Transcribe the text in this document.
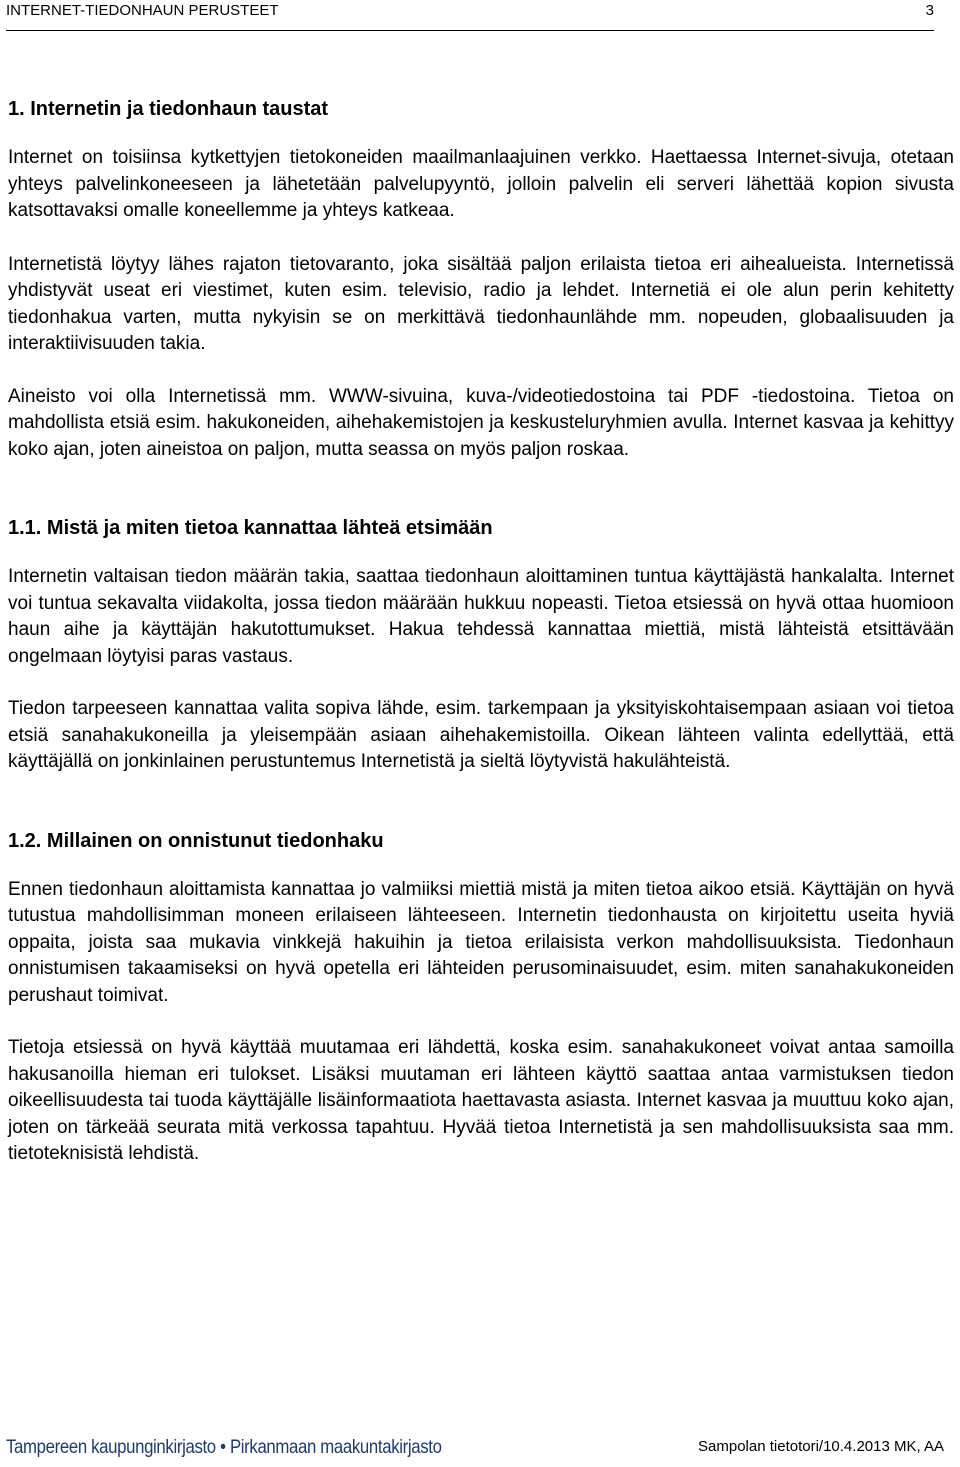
INTERNET-TIEDONHAUN PERUSTEET	3
1. Internetin ja tiedonhaun taustat

Internet on toisiinsa kytkettyjen tietokoneiden maailmanlaajuinen verkko. Haettaessa Internet-sivuja, otetaan yhteys palvelinkoneeseen ja lähetetään palvelupyyntö, jolloin palvelin eli serveri lähettää kopion sivusta katsottavaksi omalle koneellemme ja yhteys katkeaa.

Internetistä löytyy lähes rajaton tietovaranto, joka sisältää paljon erilaista tietoa eri aihealueista. Internetissä yhdistyvät useat eri viestimet, kuten esim. televisio, radio ja lehdet. Internetiä ei ole alun perin kehitetty tiedonhakua varten, mutta nykyisin se on merkittävä tiedonhaunlähde mm. nopeuden, globaalisuuden ja interaktiivisuuden takia.

Aineisto voi olla Internetissä mm. WWW-sivuina, kuva-/videotiedostoina tai PDF -tiedostoina. Tietoa on mahdollista etsiä esim. hakukoneiden, aihehakemistojen ja keskusteluryhmien avulla. Internet kasvaa ja kehittyy koko ajan, joten aineistoa on paljon, mutta seassa on myös paljon roskaa.

1.1. Mistä ja miten tietoa kannattaa lähteä etsimään

Internetin valtaisan tiedon määrän takia, saattaa tiedonhaun aloittaminen tuntua käyttäjästä hankalalta. Internet voi tuntua sekavalta viidakolta, jossa tiedon määrään hukkuu nopeasti. Tietoa etsiessä on hyvä ottaa huomioon haun aihe ja käyttäjän hakutottumukset. Hakua tehdessä kannattaa miettiä, mistä lähteistä etsittävään ongelmaan löytyisi paras vastaus.

Tiedon tarpeeseen kannattaa valita sopiva lähde, esim. tarkempaan ja yksityiskohtaisempaan asiaan voi tietoa etsiä sanahakukoneilla ja yleisempään asiaan aihehakemistoilla. Oikean lähteen valinta edellyttää, että käyttäjällä on jonkinlainen perustuntemus Internetistä ja sieltä löytyvistä hakulähteistä.

1.2. Millainen on onnistunut tiedonhaku

Ennen tiedonhaun aloittamista kannattaa jo valmiiksi miettiä mistä ja miten tietoa aikoo etsiä. Käyttäjän on hyvä tutustua mahdollisimman moneen erilaiseen lähteeseen. Internetin tiedonhausta on kirjoitettu useita hyviä oppaita, joista saa mukavia vinkkejä hakuihin ja tietoa erilaisista verkon mahdollisuuksista. Tiedonhaun onnistumisen takaamiseksi on hyvä opetella eri lähteiden perusominaisuudet, esim. miten sanahakukoneiden perushaut toimivat.

Tietoja etsiessä on hyvä käyttää muutamaa eri lähdettä, koska esim. sanahakukoneet voivat antaa samoilla hakusanoilla hieman eri tulokset. Lisäksi muutaman eri lähteen käyttö saattaa antaa varmistuksen tiedon oikeellisuudesta tai tuoda käyttäjälle lisäinformaatiota haettavasta asiasta. Internet kasvaa ja muuttuu koko ajan, joten on tärkeää seurata mitä verkossa tapahtuu. Hyvää tietoa Internetistä ja sen mahdollisuuksista saa mm. tietoteknisistä lehdistä.

Tampereen kaupunginkirjasto • Pirkanmaan maakuntakirjasto	Sampolan tietotori/10.4.2013 MK, AA
